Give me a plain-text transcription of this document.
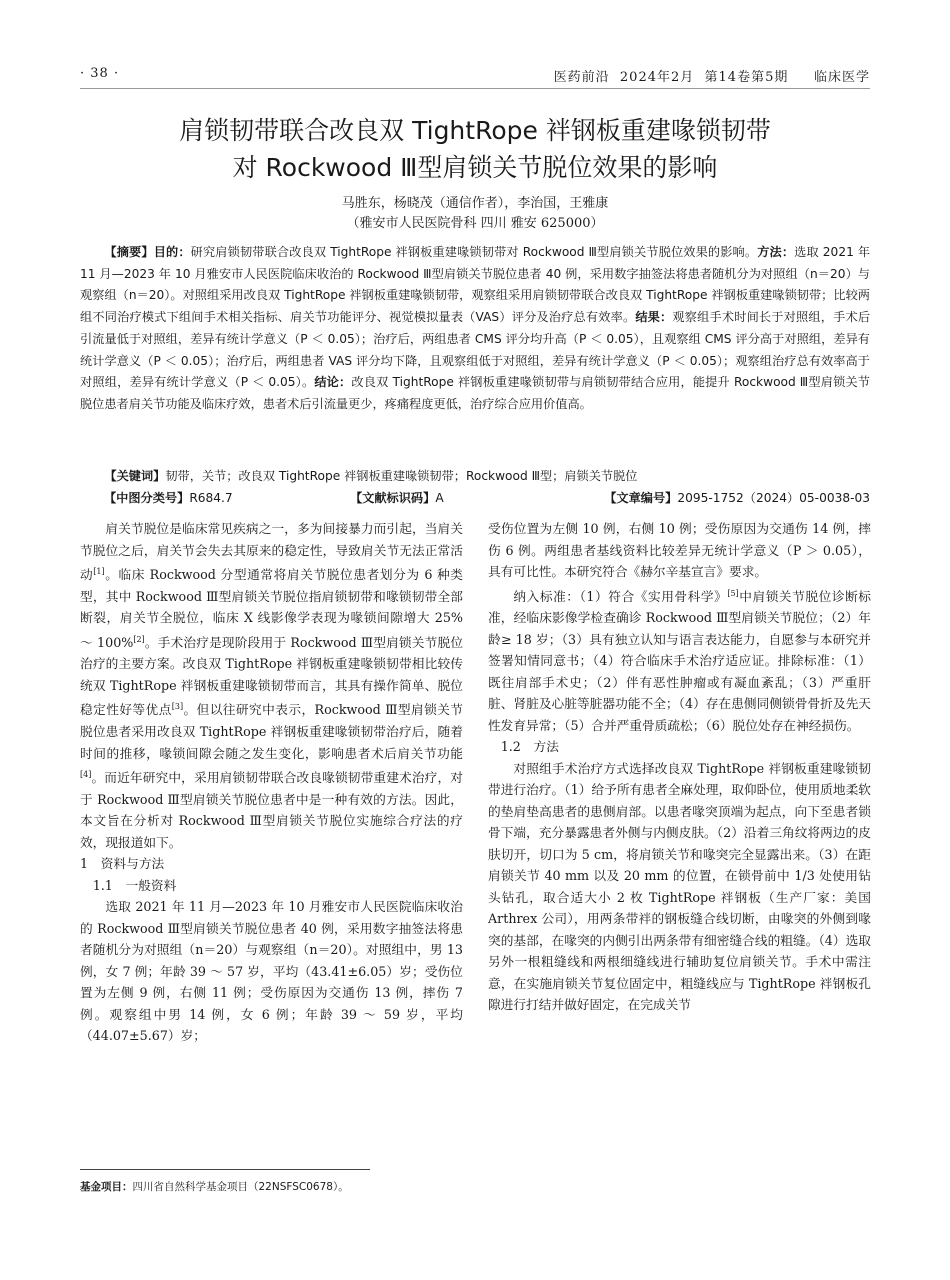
· 38 ·	医药前沿  2024年2月  第14卷第5期     临床医学
肩锁韧带联合改良双 TightRope 袢钢板重建喙锁韧带
对 Rockwood Ⅲ型肩锁关节脱位效果的影响
马胜东，杨晓茂（通信作者），李治国，王雅康
（雅安市人民医院骨科 四川 雅安 625000）

【摘要】目的：研究肩锁韧带联合改良双 TightRope 袢钢板重建喙锁韧带对 Rockwood Ⅲ型肩锁关节脱位效果的影响。方法：选取 2021 年 11 月—2023 年 10 月雅安市人民医院临床收治的 Rockwood Ⅲ型肩锁关节脱位患者 40 例，采用数字抽签法将患者随机分为对照组（n＝20）与观察组（n＝20）。对照组采用改良双 TightRope 袢钢板重建喙锁韧带，观察组采用肩锁韧带联合改良双 TightRope 袢钢板重建喙锁韧带；比较两组不同治疗模式下组间手术相关指标、肩关节功能评分、视觉模拟量表（VAS）评分及治疗总有效率。结果：观察组手术时间长于对照组，手术后引流量低于对照组，差异有统计学意义（P ＜ 0.05）；治疗后，两组患者 CMS 评分均升高（P ＜ 0.05），且观察组 CMS 评分高于对照组，差异有统计学意义（P ＜ 0.05）；治疗后，两组患者 VAS 评分均下降，且观察组低于对照组，差异有统计学意义（P ＜ 0.05）；观察组治疗总有效率高于对照组，差异有统计学意义（P ＜ 0.05）。结论：改良双 TightRope 袢钢板重建喙锁韧带与肩锁韧带结合应用，能提升 Rockwood Ⅲ型肩锁关节脱位患者肩关节功能及临床疗效，患者术后引流量更少，疼痛程度更低，治疗综合应用价值高。

【关键词】韧带，关节；改良双 TightRope 袢钢板重建喙锁韧带；Rockwood Ⅲ型；肩锁关节脱位
【中图分类号】R684.7	【文献标识码】A	【文章编号】2095-1752（2024）05-0038-03

肩关节脱位是临床常见疾病之一，多为间接暴力而引起，当肩关节脱位之后，肩关节会失去其原来的稳定性，导致肩关节无法正常活动[1]。临床 Rockwood 分型通常将肩关节脱位患者划分为 6 种类型，其中 Rockwood Ⅲ型肩锁关节脱位指肩锁韧带和喙锁韧带全部断裂，肩关节全脱位，临床 X 线影像学表现为喙锁间隙增大 25% ～ 100%[2]。手术治疗是现阶段用于 Rockwood Ⅲ型肩锁关节脱位治疗的主要方案。改良双 TightRope 袢钢板重建喙锁韧带相比较传统双 TightRope 袢钢板重建喙锁韧带而言，其具有操作简单、脱位稳定性好等优点[3]。但以往研究中表示，Rockwood Ⅲ型肩锁关节脱位患者采用改良双 TightRope 袢钢板重建喙锁韧带治疗后，随着时间的推移，喙锁间隙会随之发生变化，影响患者术后肩关节功能[4]。而近年研究中，采用肩锁韧带联合改良喙锁韧带重建术治疗，对于 Rockwood Ⅲ型肩锁关节脱位患者中是一种有效的方法。因此，本文旨在分析对 Rockwood Ⅲ型肩锁关节脱位实施综合疗法的疗效，现报道如下。

1　资料与方法

1.1　一般资料

选取 2021 年 11 月—2023 年 10 月雅安市人民医院临床收治的 Rockwood Ⅲ型肩锁关节脱位患者 40 例，采用数字抽签法将患者随机分为对照组（n＝20）与观察组（n＝20）。对照组中，男 13 例，女 7 例；年龄 39 ～ 57 岁，平均（43.41±6.05）岁；受伤位置为左侧 9 例，右侧 11 例；受伤原因为交通伤 13 例，摔伤 7 例。观察组中男 14 例，女 6 例；年龄 39 ～ 59 岁，平均（44.07±5.67）岁；

受伤位置为左侧 10 例，右侧 10 例；受伤原因为交通伤 14 例，摔伤 6 例。两组患者基线资料比较差异无统计学意义（P ＞ 0.05），具有可比性。本研究符合《赫尔辛基宣言》要求。

纳入标准：（1）符合《实用骨科学》[5]中肩锁关节脱位诊断标准，经临床影像学检查确诊 Rockwood Ⅲ型肩锁关节脱位；（2）年龄≥ 18 岁；（3）具有独立认知与语言表达能力，自愿参与本研究并签署知情同意书；（4）符合临床手术治疗适应证。排除标准：（1）既往肩部手术史；（2）伴有恶性肿瘤或有凝血紊乱；（3）严重肝脏、肾脏及心脏等脏器功能不全；（4）存在患侧同侧锁骨骨折及先天性发育异常；（5）合并严重骨质疏松；（6）脱位处存在神经损伤。

1.2　方法

对照组手术治疗方式选择改良双 TightRope 袢钢板重建喙锁韧带进行治疗。（1）给予所有患者全麻处理，取仰卧位，使用质地柔软的垫肩垫高患者的患侧肩部。以患者喙突顶端为起点，向下至患者锁骨下端，充分暴露患者外侧与内侧皮肤。（2）沿着三角纹将两边的皮肤切开，切口为 5 cm，将肩锁关节和喙突完全显露出来。（3）在距肩锁关节 40 mm 以及 20 mm 的位置，在锁骨前中 1/3 处使用钻头钻孔，取合适大小 2 枚 TightRope 袢钢板（生产厂家：美国 Arthrex 公司），用两条带袢的钢板缝合线切断，由喙突的外侧到喙突的基部，在喙突的内侧引出两条带有细密缝合线的粗缝。（4）选取另外一根粗缝线和两根细缝线进行辅助复位肩锁关节。手术中需注意，在实施肩锁关节复位固定中，粗缝线应与 TightRope 袢钢板孔隙进行打结并做好固定，在完成关节

基金项目：四川省自然科学基金项目（22NSFSC0678）。
